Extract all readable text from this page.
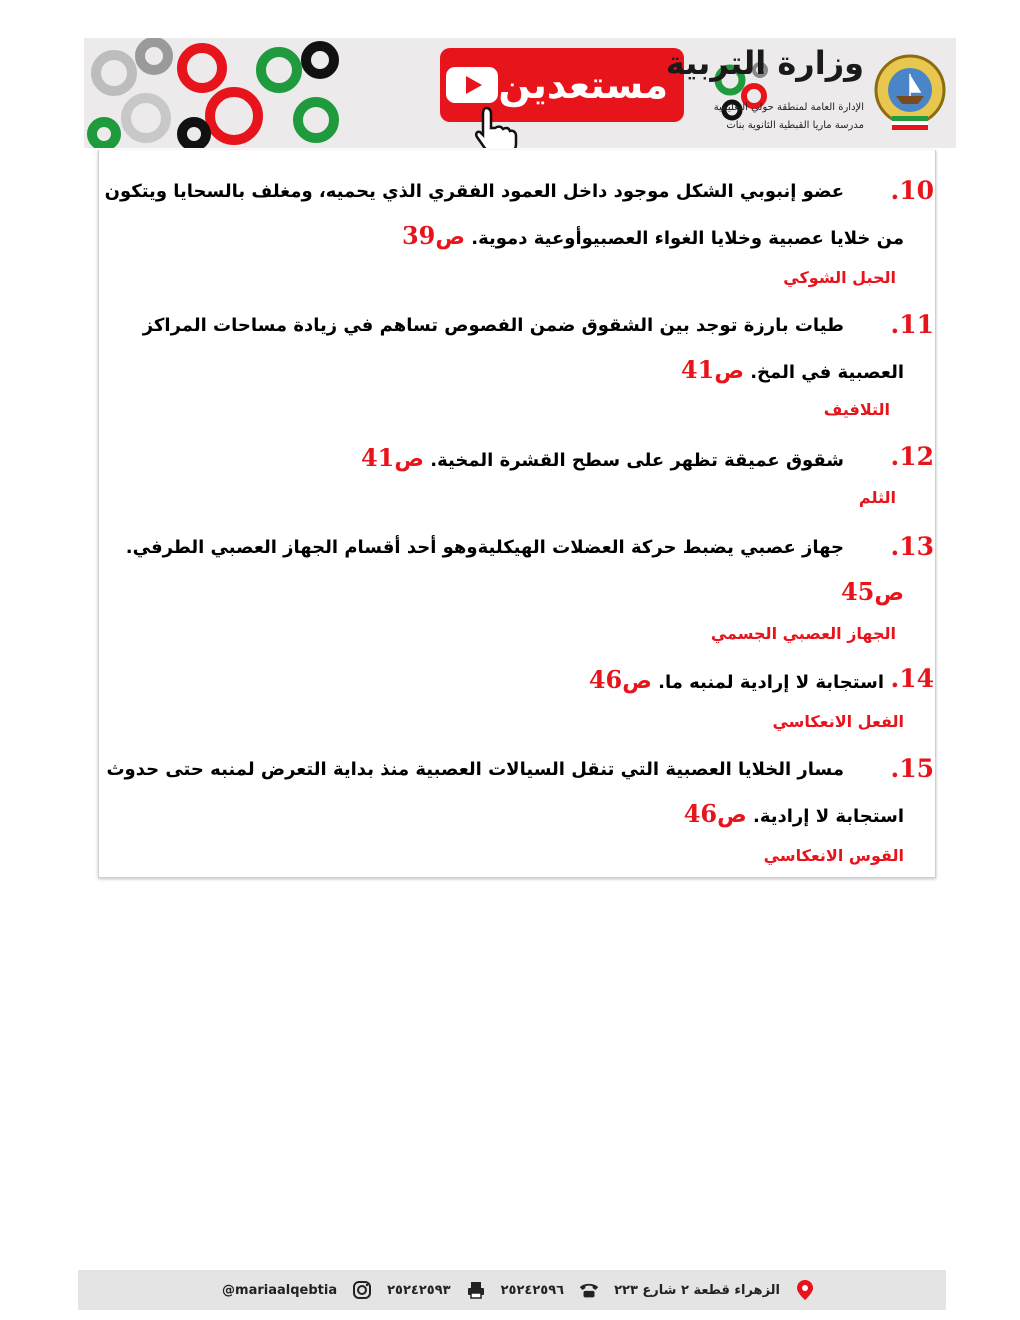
مستعدين
وزارة التربية
الإدارة العامة لمنطقة حولي التعليمية
مدرسة ماريا القبطية الثانوية بنات
.10
عضو إنبوبي الشكل موجود داخل العمود الفقري الذي يحميه، ومغلف بالسحايا ويتكون
من خلايا عصبية وخلايا الغواء العصبيوأوعية دموية. ص39
الحبل الشوكي
.11
طيات بارزة توجد بين الشقوق ضمن الفصوص تساهم في زيادة مساحات المراكز
العصبية في المخ. ص41
التلافيف
.12
شقوق عميقة تظهر على سطح القشرة المخية. ص41
الثلم
.13
جهاز عصبي يضبط حركة العضلات الهيكليةوهو أحد أقسام الجهاز العصبي الطرفي.
ص45
الجهاز العصبي الجسمي
.14
استجابة لا إرادية لمنبه ما. ص46
الفعل الانعكاسي
.15
مسار الخلايا العصبية التي تنقل السيالات العصبية منذ بداية التعرض لمنبه حتى حدوث
استجابة لا إرادية. ص46
القوس الانعكاسي
@mariaalqebtia	٢٥٢٤٢٥٩٣	٢٥٢٤٢٥٩٦	الزهراء قطعة ٢ شارع ٢٢٣
